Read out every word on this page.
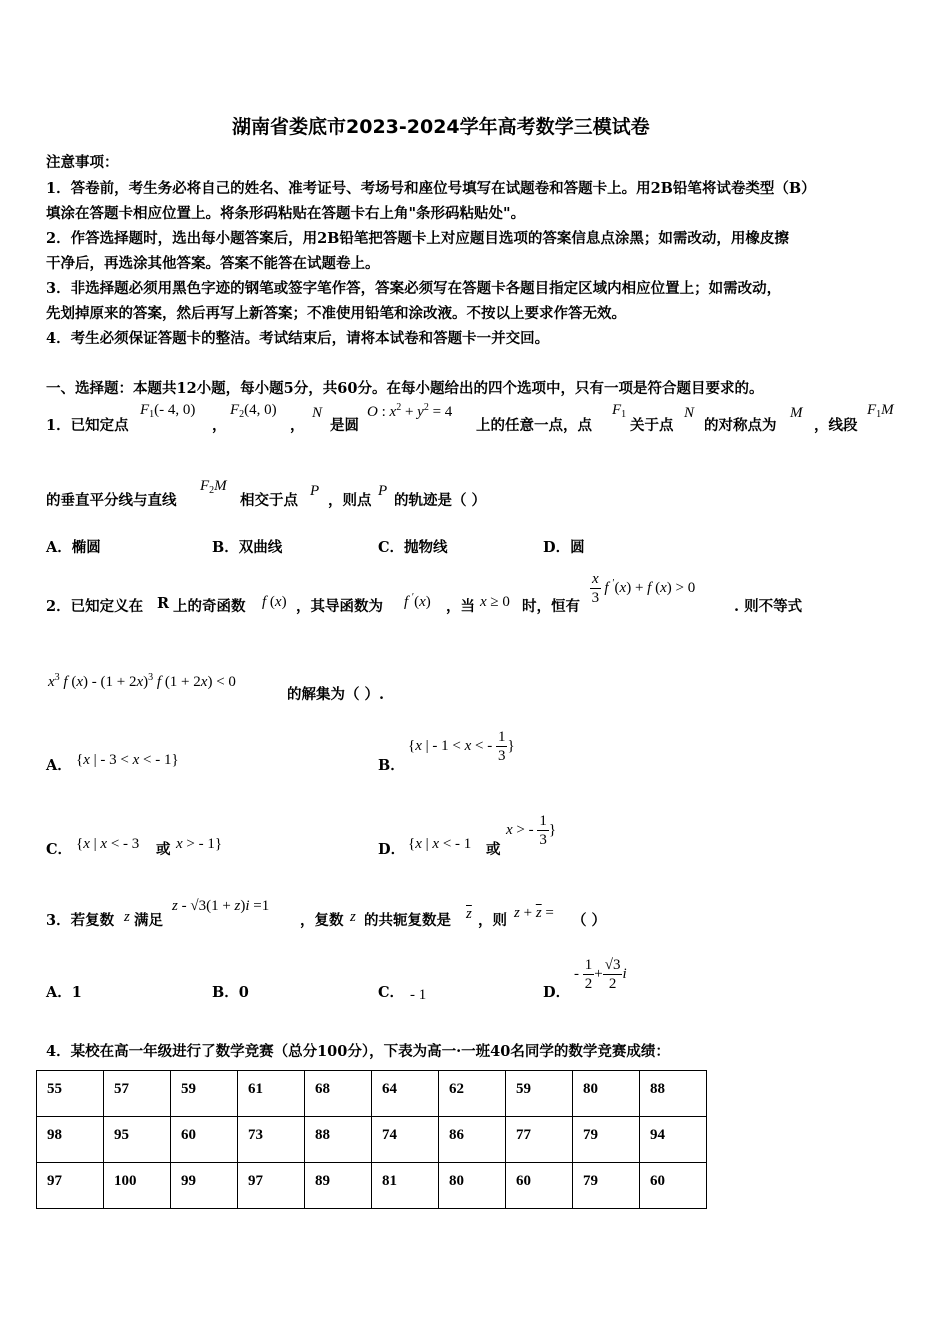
湖南省娄底市2023-2024学年高考数学三模试卷
注意事项：
1．答卷前，考生务必将自己的姓名、准考证号、考场号和座位号填写在试题卷和答题卡上。用2B铅笔将试卷类型（B）
填涂在答题卡相应位置上。将条形码粘贴在答题卡右上角"条形码粘贴处"。
2．作答选择题时，选出每小题答案后，用2B铅笔把答题卡上对应题目选项的答案信息点涂黑；如需改动，用橡皮擦
干净后，再选涂其他答案。答案不能答在试题卷上。
3．非选择题必须用黑色字迹的钢笔或签字笔作答，答案必须写在答题卡各题目指定区域内相应位置上；如需改动，
先划掉原来的答案，然后再写上新答案；不准使用铅笔和涂改液。不按以上要求作答无效。
4．考生必须保证答题卡的整洁。考试结束后，请将本试卷和答题卡一并交回。
一、选择题：本题共12小题，每小题5分，共60分。在每小题给出的四个选项中，只有一项是符合题目要求的。
1．已知定点
$F_1(-$ 4, 0)
，
$F_2(4$, 0)
，
N
是圆
O : $x^2 + y^2 = 4$
上的任意一点，点
$F_1$
关于点
N
的对称点为
M
，线段
$F_1M$
的垂直平分线与直线
$F_2M$
相交于点
P
，则点
P
的轨迹是（ ）
A．椭圆	B．双曲线	C．抛物线	D．圆
2．已知定义在 R 上的奇函数 f (x) ，其导函数为 f ′(x) ，当 x ≥ 0 时，恒有 $\frac{x}{3}$ f ′(x) + f (x) > 0
. 则不等式
$x^3$ f $(x) - (1 + 2x)^3$ f (1 + 2x) < 0
的解集为（ ）.
A． {x | - 3 < x < - 1}	B．
{x | - 1 < x < - $\frac{1}{3}$ }
C． {x | x < - 3 或 x > - 1}	D． {x | x < - 1 或
x > - $\frac{1}{3}$ }
3．若复数 z 满足
z - √3(1 + z)i =1
，复数 z 的共轭复数是 $\overline{z}$ ，则 $z + \overline{z}$ = （ ）
A．1	B．0	C． - 1	D．
- $\frac{1}{2} + \frac{√3}{2}$ i
4．某校在高一年级进行了数学竞赛（总分100分），下表为高一·一班40名同学的数学竞赛成绩：
55	57	59	61	68	64	62	59	80	88
98	95	60	73	88	74	86	77	79	94
97	100	99	97	89	81	80	60	79	60
